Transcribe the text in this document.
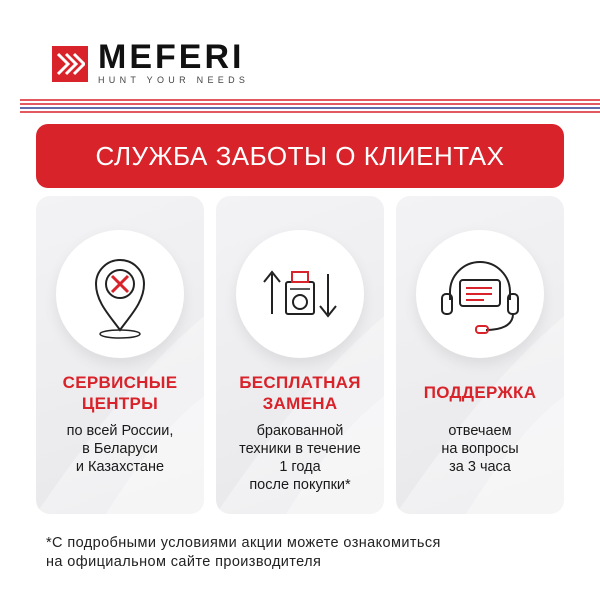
MEFERI
HUNT YOUR NEEDS
СЛУЖБА ЗАБОТЫ О КЛИЕНТАХ
СЕРВИСНЫЕ
ЦЕНТРЫ
по всей России,
в Беларуси
и Казахстане
БЕСПЛАТНАЯ
ЗАМЕНА
бракованной
техники в течение
1 года
после покупки*
ПОДДЕРЖКА
отвечаем
на вопросы
за 3 часа
*С подробными условиями акции можете ознакомиться
на официальном сайте производителя
